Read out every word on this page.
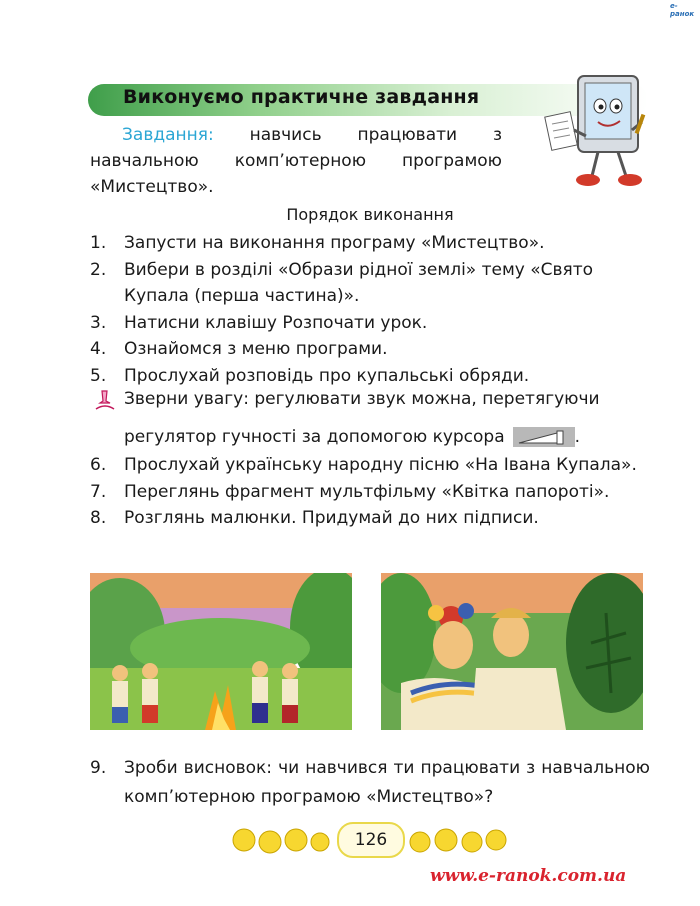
e-ранок
Виконуємо практичне завдання
Завдання: навчись працювати з навчальною комп’ютерною програмою «Мистецтво».
Порядок виконання
1. Запусти на виконання програму «Мистецтво».
2. Вибери в розділі «Образи рідної землі» тему «Свято Купала (перша частина)».
3. Натисни клавішу Розпочати урок.
4. Ознайомся з меню програми.
5. Прослухай розповідь про купальські обряди.
Зверни увагу: регулювати звук можна, перетягуючи
регулятор гучності за допомогою курсора	.
6. Прослухай українську народну пісню «На Івана Купала».
7. Переглянь фрагмент мультфільму «Квітка папороті».
8. Розглянь малюнки. Придумай до них підписи.
9. Зроби висновок: чи навчився ти працювати з навчальною комп’ютерною програмою «Мистецтво»?
126
www.e-ranok.com.ua
